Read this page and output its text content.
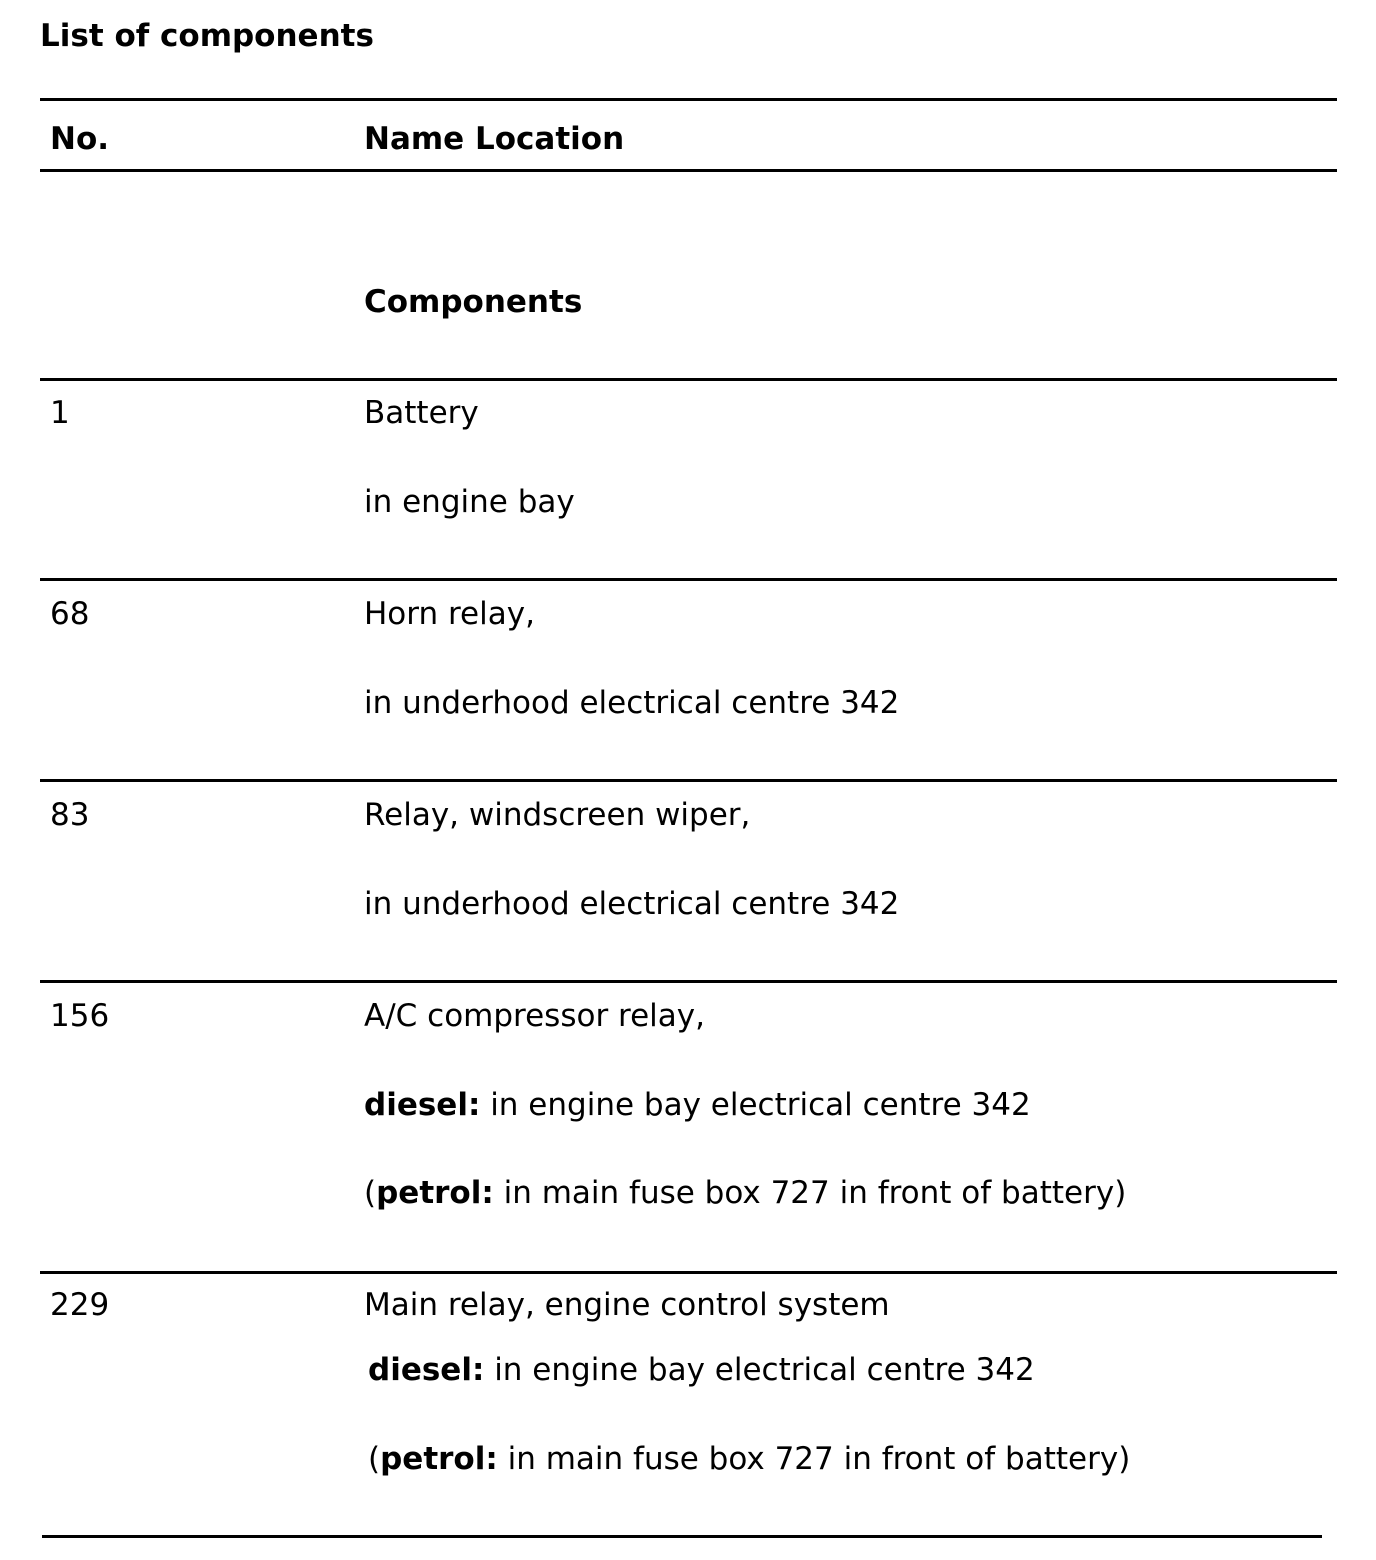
List of components
No.	Name Location
Components
1	Battery
in engine bay
68	Horn relay,
in underhood electrical centre 342
83	Relay, windscreen wiper,
in underhood electrical centre 342
156	A/C compressor relay,
diesel: in engine bay electrical centre 342
(petrol: in main fuse box 727 in front of battery)
229	Main relay, engine control system
diesel: in engine bay electrical centre 342
(petrol: in main fuse box 727 in front of battery)
